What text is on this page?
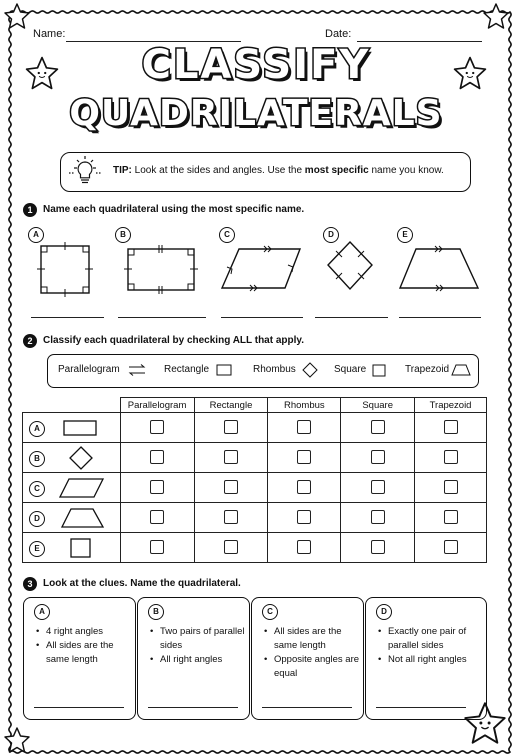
Name:	Date:
CLASSIFY
QUADRILATERALS
TIP: Look at the sides and angles. Use the most specific name you know.
1	Name each quadrilateral using the most specific name.
A	B	C	D	E
2	Classify each quadrilateral by checking ALL that apply.
Parallelogram	Rectangle	Rhombus	Square	Trapezoid
	Parallelogram	Rectangle	Rhombus	Square	Trapezoid

A					

B					

C					

D					

E					

3	Look at the clues. Name the quadrilateral.
A
• 4 right angles
• All sides are the same length
B
• Two pairs of parallel sides
• All right angles
C
• All sides are the same length
• Opposite angles are equal
D
• Exactly one pair of parallel sides
• Not all right angles
